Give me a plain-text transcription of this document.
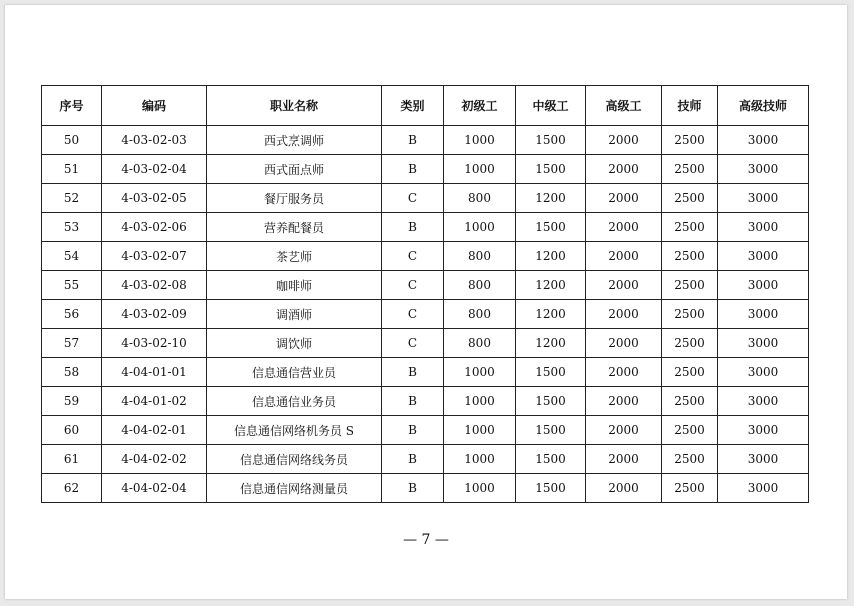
序号	编码	职业名称	类别	初级工	中级工	高级工	技师	高级技师
50	4-03-02-03	西式烹调师	B	1000	1500	2000	2500	3000
51	4-03-02-04	西式面点师	B	1000	1500	2000	2500	3000
52	4-03-02-05	餐厅服务员	C	800	1200	2000	2500	3000
53	4-03-02-06	营养配餐员	B	1000	1500	2000	2500	3000
54	4-03-02-07	茶艺师	C	800	1200	2000	2500	3000
55	4-03-02-08	咖啡师	C	800	1200	2000	2500	3000
56	4-03-02-09	调酒师	C	800	1200	2000	2500	3000
57	4-03-02-10	调饮师	C	800	1200	2000	2500	3000
58	4-04-01-01	信息通信营业员	B	1000	1500	2000	2500	3000
59	4-04-01-02	信息通信业务员	B	1000	1500	2000	2500	3000
60	4-04-02-01	信息通信网络机务员 S	B	1000	1500	2000	2500	3000
61	4-04-02-02	信息通信网络线务员	B	1000	1500	2000	2500	3000
62	4-04-02-04	信息通信网络测量员	B	1000	1500	2000	2500	3000
— 7 —
